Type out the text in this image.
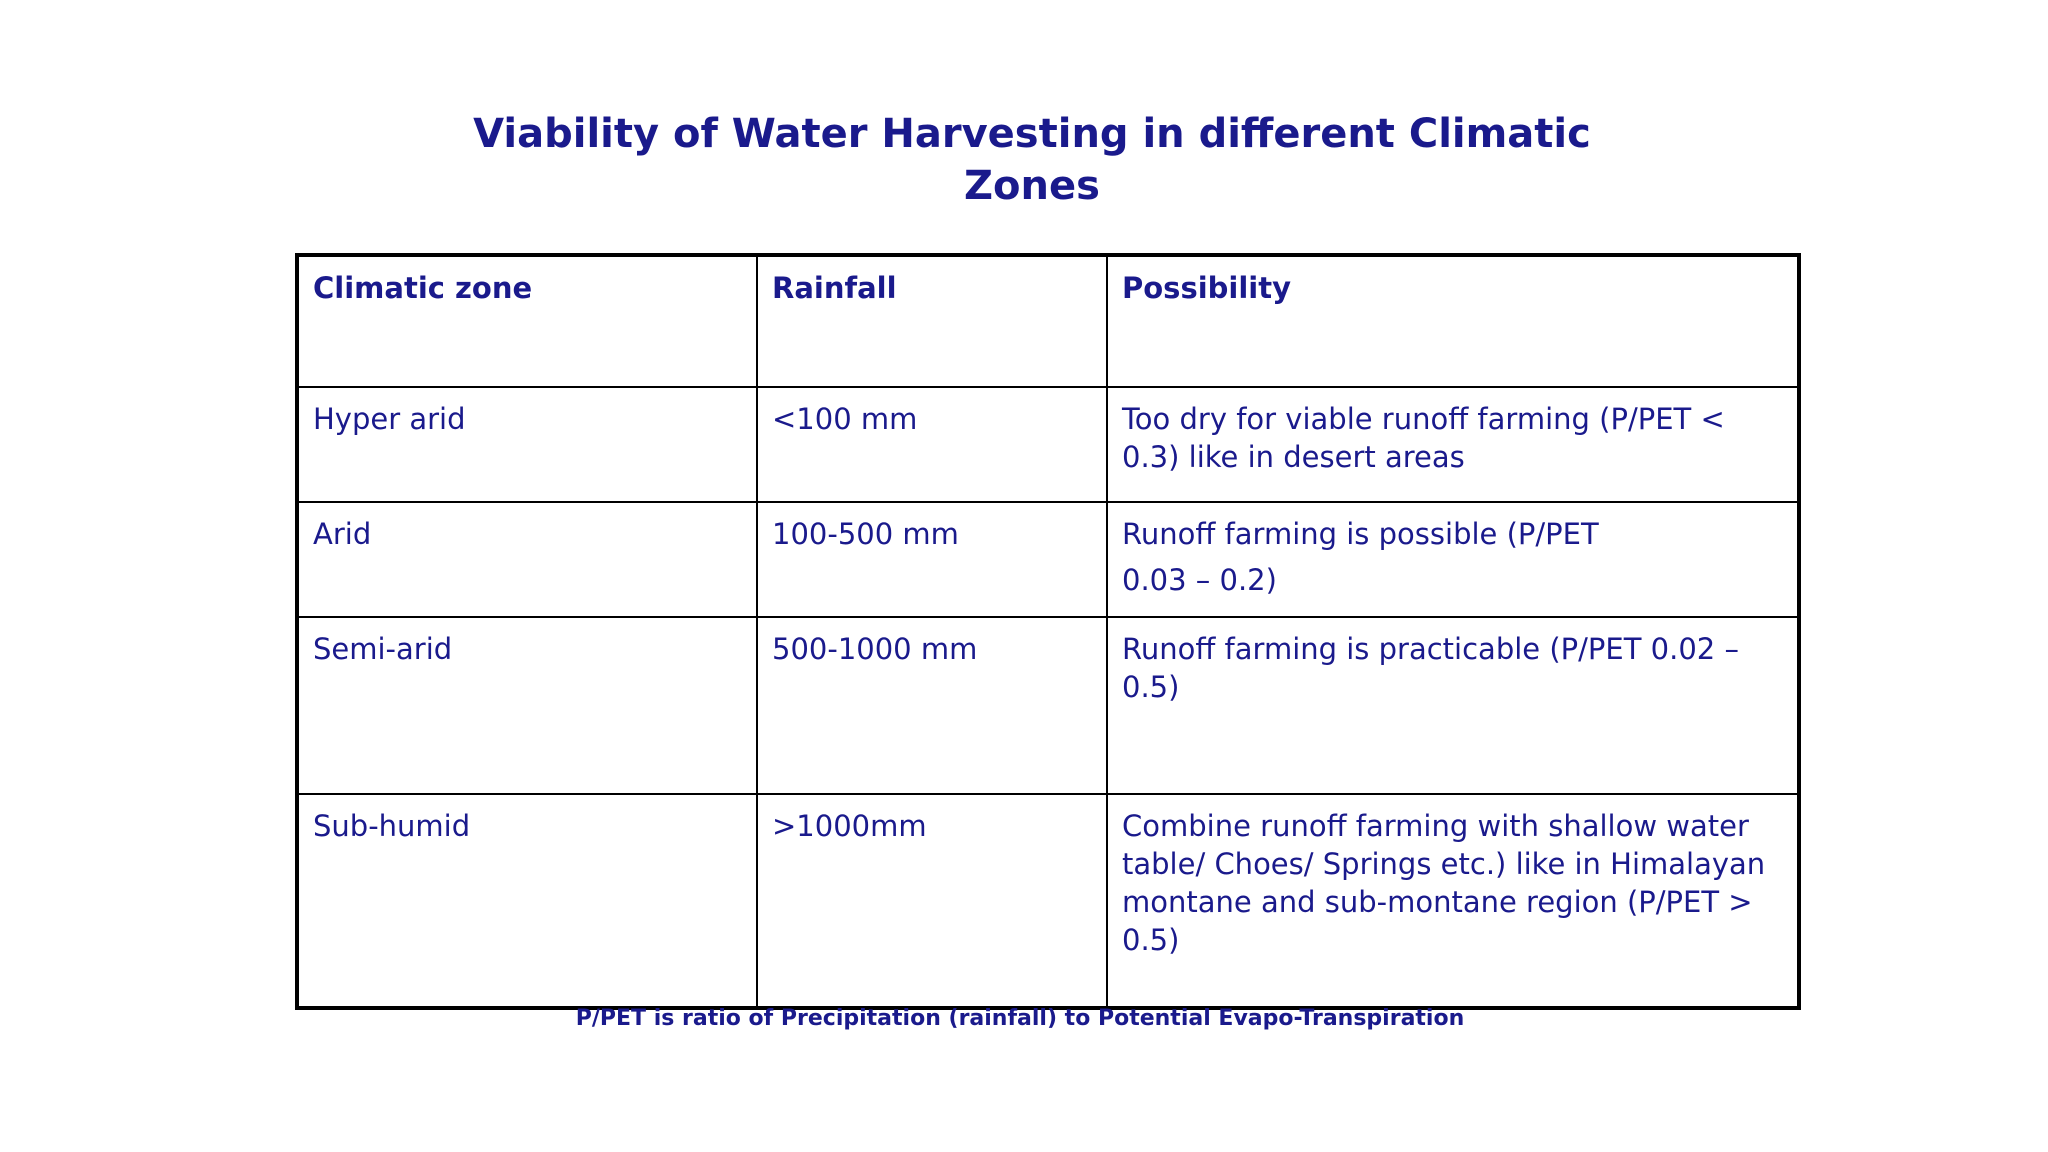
Viability of Water Harvesting in different Climatic
Zones
Climatic zone	Rainfall	Possibility
Hyper arid	<100 mm	Too dry for viable runoff farming (P/PET < 0.3) like in desert areas
Arid	100-500 mm	Runoff farming is possible (P/PET
0.03 – 0.2)

Semi-arid	500-1000 mm	Runoff farming is practicable (P/PET 0.02 – 0.5)
Sub-humid	>1000mm	Combine runoff farming with shallow water table/ Choes/ Springs etc.) like in Himalayan montane and sub-montane region (P/PET > 0.5)

P/PET is ratio of Precipitation (rainfall) to Potential Evapo-Transpiration
